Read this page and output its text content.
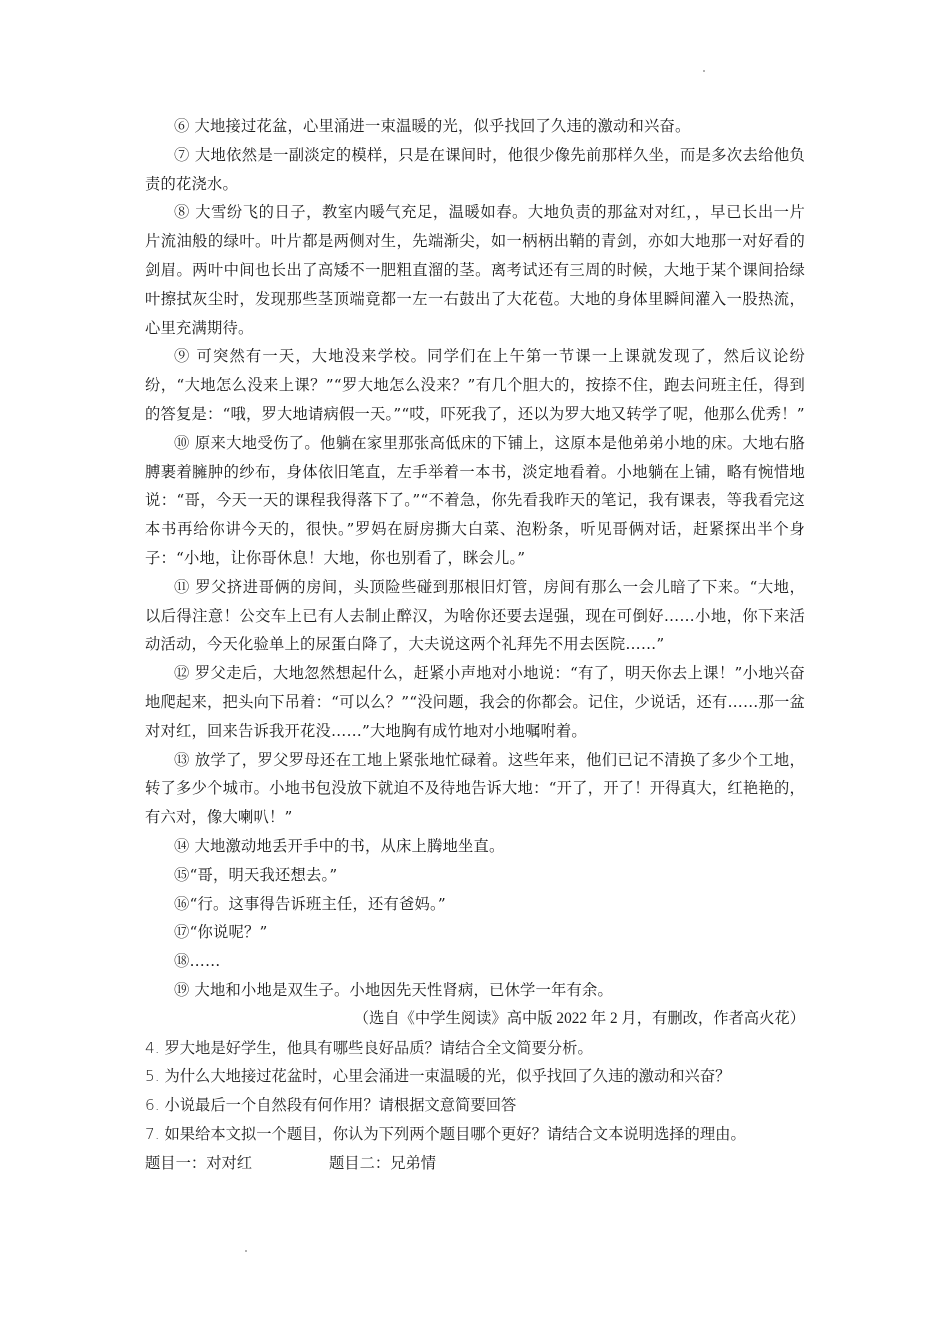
⑥ 大地接过花盆，心里涌进一束温暖的光，似乎找回了久违的激动和兴奋。

⑦ 大地依然是一副淡定的模样，只是在课间时，他很少像先前那样久坐，而是多次去给他负责的花浇水。

⑧ 大雪纷飞的日子，教室内暖气充足，温暖如春。大地负责的那盆对对红，，早已长出一片片流油般的绿叶。叶片都是两侧对生，先端渐尖，如一柄柄出鞘的青剑，亦如大地那一对好看的剑眉。两叶中间也长出了高矮不一肥粗直溜的茎。离考试还有三周的时候，大地于某个课间拾绿叶擦拭灰尘时，发现那些茎顶端竟都一左一右鼓出了大花苞。大地的身体里瞬间灌入一股热流，心里充满期待。

⑨ 可突然有一天，大地没来学校。同学们在上午第一节课一上课就发现了，然后议论纷纷，“大地怎么没来上课？”“罗大地怎么没来？”有几个胆大的，按捺不住，跑去问班主任，得到的答复是：“哦，罗大地请病假一天。”“哎，吓死我了，还以为罗大地又转学了呢，他那么优秀！”

⑩ 原来大地受伤了。他躺在家里那张高低床的下铺上，这原本是他弟弟小地的床。大地右胳膊裹着臃肿的纱布，身体依旧笔直，左手举着一本书，淡定地看着。小地躺在上铺，略有惋惜地说：“哥，今天一天的课程我得落下了。”“不着急，你先看我昨天的笔记，我有课表，等我看完这本书再给你讲今天的，很快。”罗妈在厨房撕大白菜、泡粉条，听见哥俩对话，赶紧探出半个身子：“小地，让你哥休息！大地，你也别看了，眯会儿。”

⑪ 罗父挤进哥俩的房间，头顶险些碰到那根旧灯管，房间有那么一会儿暗了下来。“大地，以后得注意！公交车上已有人去制止醉汉，为啥你还要去逞强，现在可倒好……小地，你下来活动活动，今天化验单上的尿蛋白降了，大夫说这两个礼拜先不用去医院……”

⑫ 罗父走后，大地忽然想起什么，赶紧小声地对小地说：“有了，明天你去上课！”小地兴奋地爬起来，把头向下吊着：“可以么？”“没问题，我会的你都会。记住，少说话，还有……那一盆对对红，回来告诉我开花没……”大地胸有成竹地对小地嘱咐着。

⑬ 放学了，罗父罗母还在工地上紧张地忙碌着。这些年来，他们已记不清换了多少个工地，转了多少个城市。小地书包没放下就迫不及待地告诉大地：“开了，开了！开得真大，红艳艳的，有六对，像大喇叭！”

⑭ 大地激动地丢开手中的书，从床上腾地坐直。

⑮“哥，明天我还想去。”

⑯“行。这事得告诉班主任，还有爸妈。”

⑰“你说呢？”

⑱……

⑲ 大地和小地是双生子。小地因先天性肾病，已休学一年有余。

（选自《中学生阅读》高中版 2022 年 2 月，有删改，作者高火花）

4. 罗大地是好学生，他具有哪些良好品质？请结合全文简要分析。

5. 为什么大地接过花盆时，心里会涌进一束温暖的光，似乎找回了久违的激动和兴奋？

6. 小说最后一个自然段有何作用？请根据文意简要回答

7. 如果给本文拟一个题目，你认为下列两个题目哪个更好？请结合文本说明选择的理由。

题目一：对对红	题目二：兄弟情
